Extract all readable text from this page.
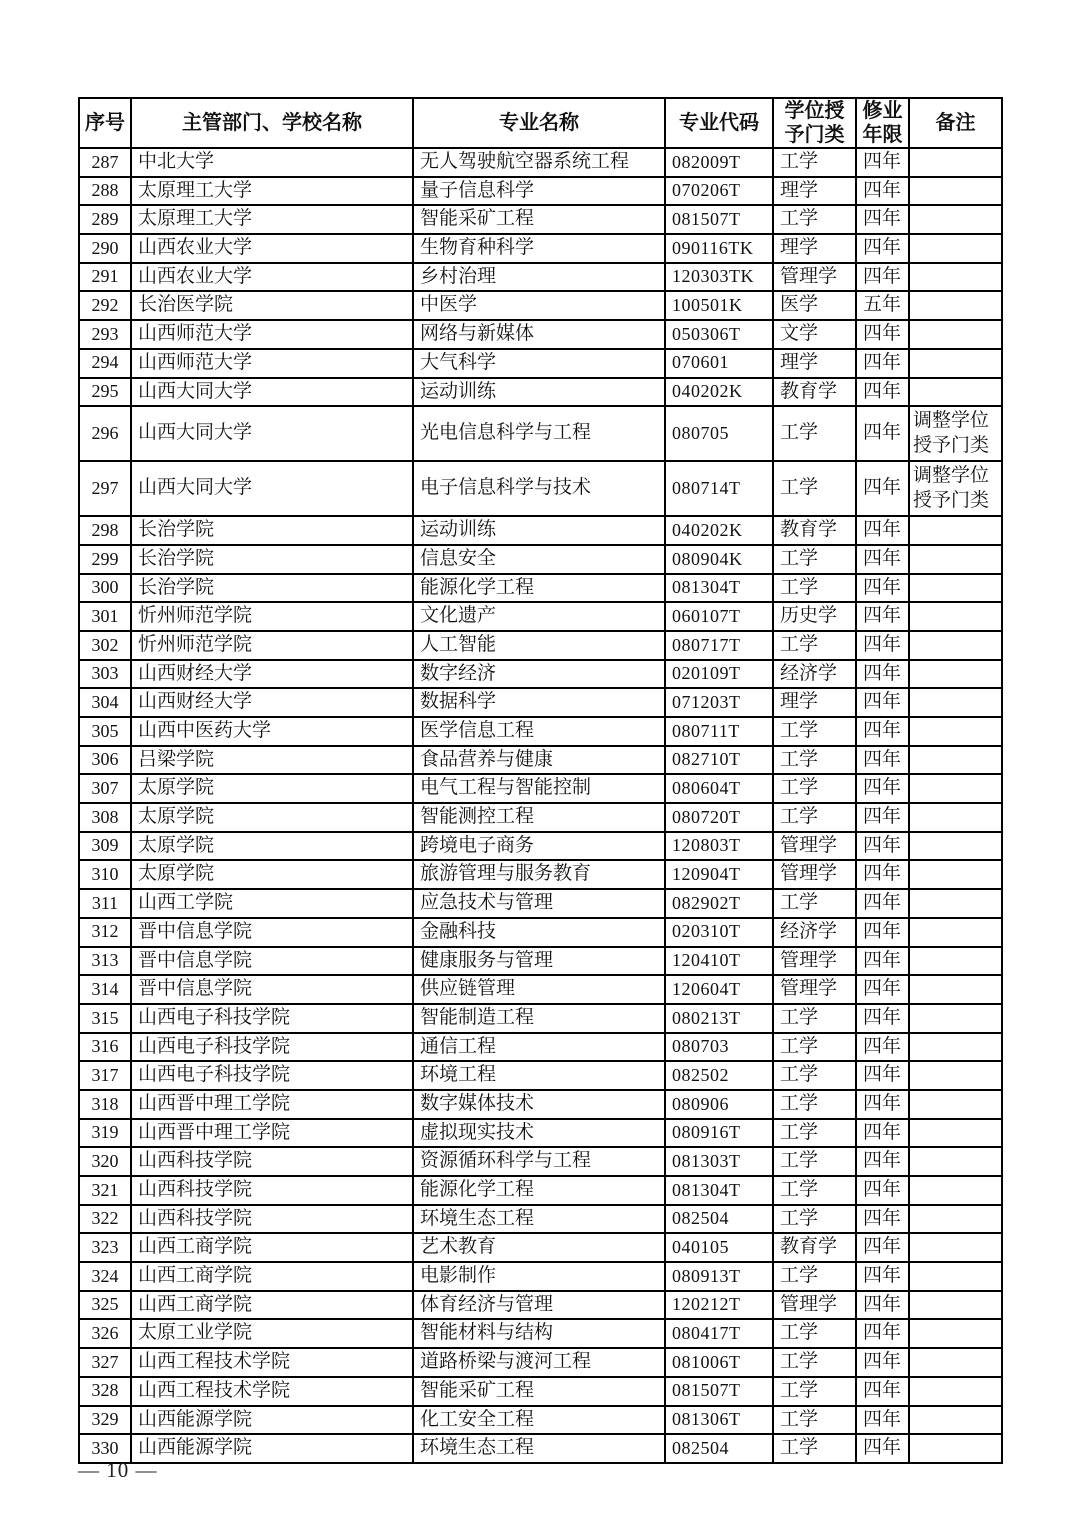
序号	主管部门、学校名称	专业名称	专业代码	学位授予门类	修业年限	备注
287	中北大学	无人驾驶航空器系统工程	082009T	工学	四年	
288	太原理工大学	量子信息科学	070206T	理学	四年	
289	太原理工大学	智能采矿工程	081507T	工学	四年	
290	山西农业大学	生物育种科学	090116TK	理学	四年	
291	山西农业大学	乡村治理	120303TK	管理学	四年	
292	长治医学院	中医学	100501K	医学	五年	
293	山西师范大学	网络与新媒体	050306T	文学	四年	
294	山西师范大学	大气科学	070601	理学	四年	
295	山西大同大学	运动训练	040202K	教育学	四年	
296	山西大同大学	光电信息科学与工程	080705	工学	四年	调整学位授予门类
297	山西大同大学	电子信息科学与技术	080714T	工学	四年	调整学位授予门类
298	长治学院	运动训练	040202K	教育学	四年	
299	长治学院	信息安全	080904K	工学	四年	
300	长治学院	能源化学工程	081304T	工学	四年	
301	忻州师范学院	文化遗产	060107T	历史学	四年	
302	忻州师范学院	人工智能	080717T	工学	四年	
303	山西财经大学	数字经济	020109T	经济学	四年	
304	山西财经大学	数据科学	071203T	理学	四年	
305	山西中医药大学	医学信息工程	080711T	工学	四年	
306	吕梁学院	食品营养与健康	082710T	工学	四年	
307	太原学院	电气工程与智能控制	080604T	工学	四年	
308	太原学院	智能测控工程	080720T	工学	四年	
309	太原学院	跨境电子商务	120803T	管理学	四年	
310	太原学院	旅游管理与服务教育	120904T	管理学	四年	
311	山西工学院	应急技术与管理	082902T	工学	四年	
312	晋中信息学院	金融科技	020310T	经济学	四年	
313	晋中信息学院	健康服务与管理	120410T	管理学	四年	
314	晋中信息学院	供应链管理	120604T	管理学	四年	
315	山西电子科技学院	智能制造工程	080213T	工学	四年	
316	山西电子科技学院	通信工程	080703	工学	四年	
317	山西电子科技学院	环境工程	082502	工学	四年	
318	山西晋中理工学院	数字媒体技术	080906	工学	四年	
319	山西晋中理工学院	虚拟现实技术	080916T	工学	四年	
320	山西科技学院	资源循环科学与工程	081303T	工学	四年	
321	山西科技学院	能源化学工程	081304T	工学	四年	
322	山西科技学院	环境生态工程	082504	工学	四年	
323	山西工商学院	艺术教育	040105	教育学	四年	
324	山西工商学院	电影制作	080913T	工学	四年	
325	山西工商学院	体育经济与管理	120212T	管理学	四年	
326	太原工业学院	智能材料与结构	080417T	工学	四年	
327	山西工程技术学院	道路桥梁与渡河工程	081006T	工学	四年	
328	山西工程技术学院	智能采矿工程	081507T	工学	四年	
329	山西能源学院	化工安全工程	081306T	工学	四年	
330	山西能源学院	环境生态工程	082504	工学	四年	
— 10 —
